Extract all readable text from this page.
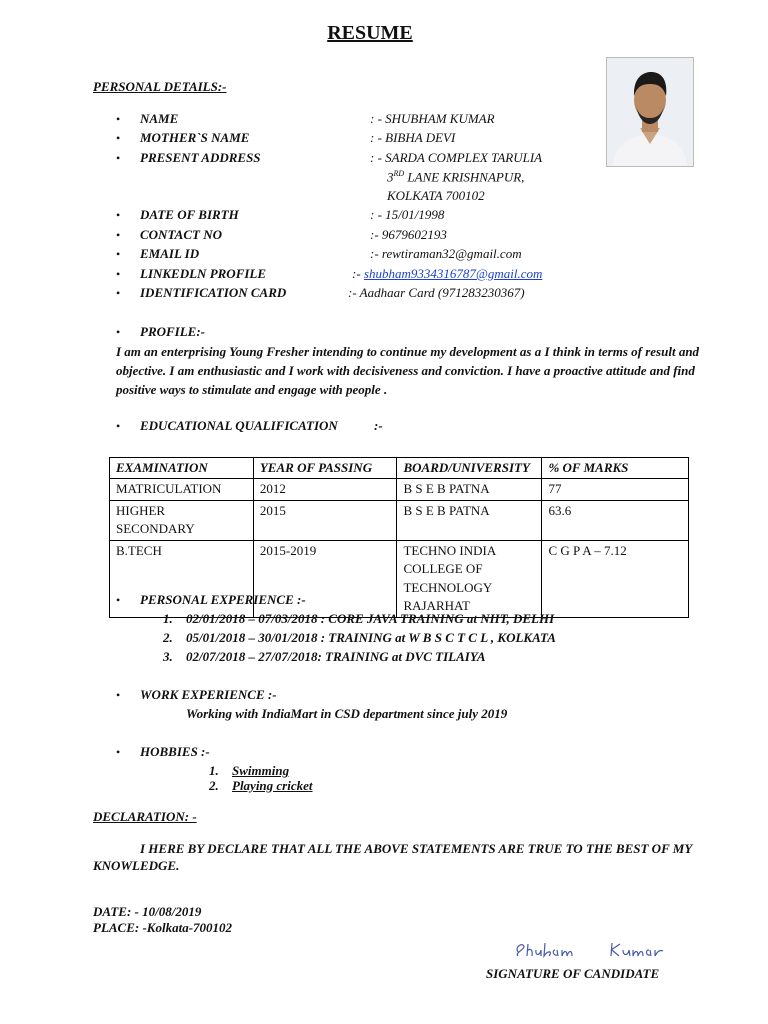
RESUME
PERSONAL DETAILS:-
• NAME	: - SHUBHAM KUMAR
• MOTHER`S NAME	: - BIBHA DEVI
• PRESENT ADDRESS	: - SARDA COMPLEX TARULIA
3RD LANE KRISHNAPUR,
KOLKATA 700102
• DATE OF BIRTH	: - 15/01/1998
• CONTACT NO	:- 9679602193
• EMAIL ID	:- rewtiraman32@gmail.com
• LINKEDLN PROFILE	:- shubham9334316787@gmail.com
• IDENTIFICATION CARD	:- Aadhaar Card (971283230367)
• PROFILE:-
I am an enterprising Young Fresher intending to continue my development as a I think in terms of result and objective. I am enthusiastic and I work with decisiveness and conviction. I have a proactive attitude and find positive ways to stimulate and engage with people .
• EDUCATIONAL QUALIFICATION	:-
EXAMINATION	YEAR OF PASSING	BOARD/UNIVERSITY	% OF MARKS
MATRICULATION	2012	B S E B PATNA	77
HIGHER SECONDARY	2015	B S E B PATNA	63.6
B.TECH	2015-2019	TECHNO INDIA COLLEGE OF TECHNOLOGY RAJARHAT	C G P A – 7.12
• PERSONAL EXPERIENCE :-
1. 02/01/2018 – 07/03/2018 : CORE JAVA TRAINING at NIIT, DELHI
2. 05/01/2018 – 30/01/2018 : TRAINING at W B S C T C L , KOLKATA
3. 02/07/2018 – 27/07/2018: TRAINING at DVC TILAIYA
• WORK EXPERIENCE :-
Working with IndiaMart in CSD department since july 2019
• HOBBIES :-
1. Swimming
2. Playing cricket
DECLARATION: -
I HERE BY DECLARE THAT ALL THE ABOVE STATEMENTS ARE TRUE TO THE BEST OF MY KNOWLEDGE.
DATE: - 10/08/2019
PLACE: -Kolkata-700102
SIGNATURE OF CANDIDATE
